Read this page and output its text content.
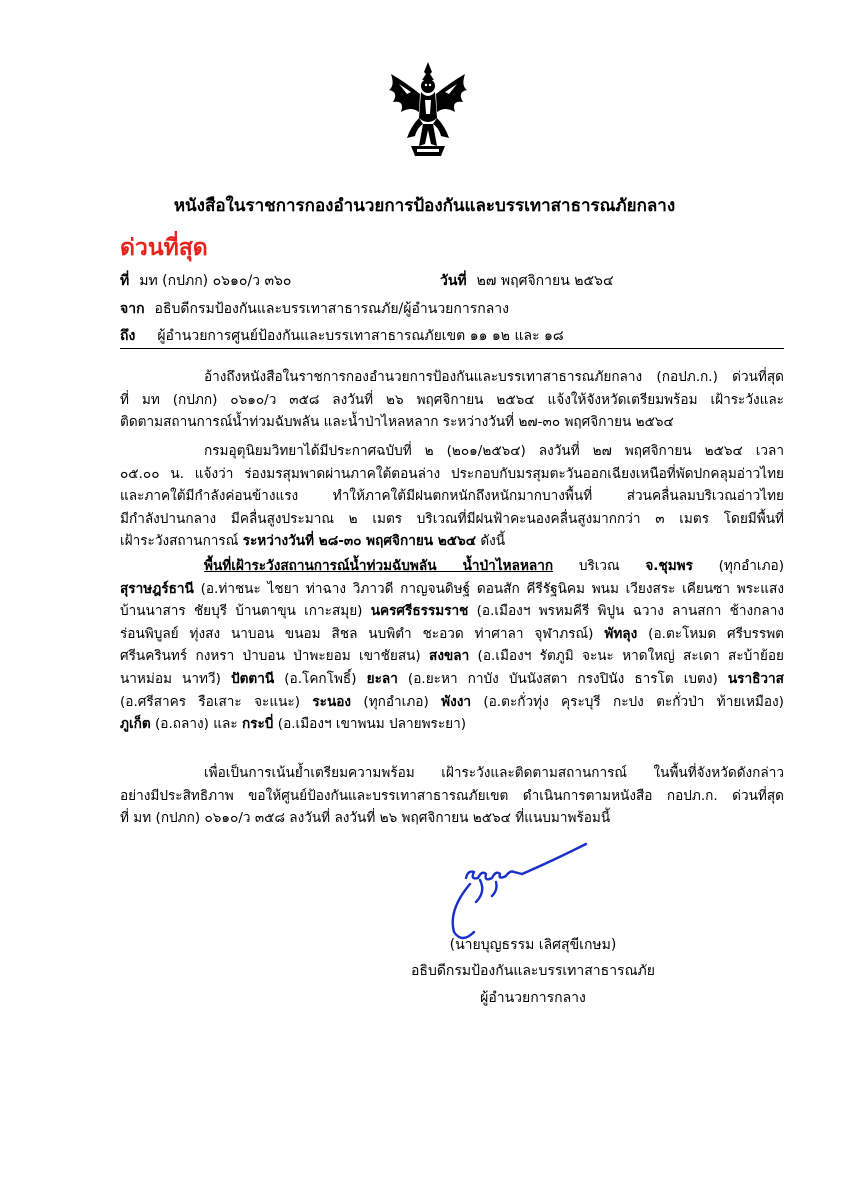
หนังสือในราชการกองอำนวยการป้องกันและบรรเทาสาธารณภัยกลาง
ด่วนที่สุด
ที่ มท (กปภก) ๐๖๑๐/ว ๓๖๐	วันที่ ๒๗ พฤศจิกายน ๒๕๖๔
จาก อธิบดีกรมป้องกันและบรรเทาสาธารณภัย/ผู้อำนวยการกลาง
ถึง ผู้อำนวยการศูนย์ป้องกันและบรรเทาสาธารณภัยเขต ๑๑ ๑๒ และ ๑๘
อ้างถึงหนังสือในราชการกองอำนวยการป้องกันและบรรเทาสาธารณภัยกลาง (กอปภ.ก.) ด่วนที่สุด
ที่ มท (กปภก) ๐๖๑๐/ว ๓๕๘ ลงวันที่ ๒๖ พฤศจิกายน ๒๕๖๔ แจ้งให้จังหวัดเตรียมพร้อม เฝ้าระวังและ
ติดตามสถานการณ์น้ำท่วมฉับพลัน และน้ำป่าไหลหลาก ระหว่างวันที่ ๒๗-๓๐ พฤศจิกายน ๒๕๖๔
กรมอุตุนิยมวิทยาได้มีประกาศฉบับที่ ๒ (๒๐๑/๒๕๖๔) ลงวันที่ ๒๗ พฤศจิกายน ๒๕๖๔ เวลา
๐๕.๐๐ น. แจ้งว่า ร่องมรสุมพาดผ่านภาคใต้ตอนล่าง ประกอบกับมรสุมตะวันออกเฉียงเหนือที่พัดปกคลุมอ่าวไทย
และภาคใต้มีกำลังค่อนข้างแรง ทำให้ภาคใต้มีฝนตกหนักถึงหนักมากบางพื้นที่ ส่วนคลื่นลมบริเวณอ่าวไทย
มีกำลังปานกลาง มีคลื่นสูงประมาณ ๒ เมตร บริเวณที่มีฝนฟ้าคะนองคลื่นสูงมากกว่า ๓ เมตร โดยมีพื้นที่
เฝ้าระวังสถานการณ์ ระหว่างวันที่ ๒๘-๓๐ พฤศจิกายน ๒๕๖๔ ดังนี้
พื้นที่เฝ้าระวังสถานการณ์น้ำท่วมฉับพลัน น้ำป่าไหลหลาก บริเวณ จ.ชุมพร (ทุกอำเภอ)
สุราษฎร์ธานี (อ.ท่าชนะ ไชยา ท่าฉาง วิภาวดี กาญจนดิษฐ์ ดอนสัก คีรีรัฐนิคม พนม เวียงสระ เคียนซา พระแสง
บ้านนาสาร ชัยบุรี บ้านตาขุน เกาะสมุย) นครศรีธรรมราช (อ.เมืองฯ พรหมคีรี พิปูน ฉวาง ลานสกา ช้างกลาง
ร่อนพิบูลย์ ทุ่งสง นาบอน ขนอม สิชล นบพิตำ ชะอวด ท่าศาลา จุฬาภรณ์) พัทลุง (อ.ตะโหมด ศรีบรรพต
ศรีนครินทร์ กงหรา ป่าบอน ป่าพะยอม เขาชัยสน) สงขลา (อ.เมืองฯ รัตภูมิ จะนะ หาดใหญ่ สะเดา สะบ้าย้อย
นาหม่อม นาทวี) ปัตตานี (อ.โคกโพธิ์) ยะลา (อ.ยะหา กาบัง บันนังสตา กรงปินัง ธารโต เบตง) นราธิวาส
(อ.ศรีสาคร รือเสาะ จะแนะ) ระนอง (ทุกอำเภอ) พังงา (อ.ตะกั่วทุ่ง คุระบุรี กะปง ตะกั่วป่า ท้ายเหมือง)
ภูเก็ต (อ.ถลาง) และ กระบี่ (อ.เมืองฯ เขาพนม ปลายพระยา)
เพื่อเป็นการเน้นย้ำเตรียมความพร้อม เฝ้าระวังและติดตามสถานการณ์ ในพื้นที่จังหวัดดังกล่าว
อย่างมีประสิทธิภาพ ขอให้ศูนย์ป้องกันและบรรเทาสาธารณภัยเขต ดำเนินการตามหนังสือ กอปภ.ก. ด่วนที่สุด
ที่ มท (กปภก) ๐๖๑๐/ว ๓๕๘ ลงวันที่ ลงวันที่ ๒๖ พฤศจิกายน ๒๕๖๔ ที่แนบมาพร้อมนี้
(นายบุญธรรม เลิศสุขีเกษม)
อธิบดีกรมป้องกันและบรรเทาสาธารณภัย
ผู้อำนวยการกลาง
